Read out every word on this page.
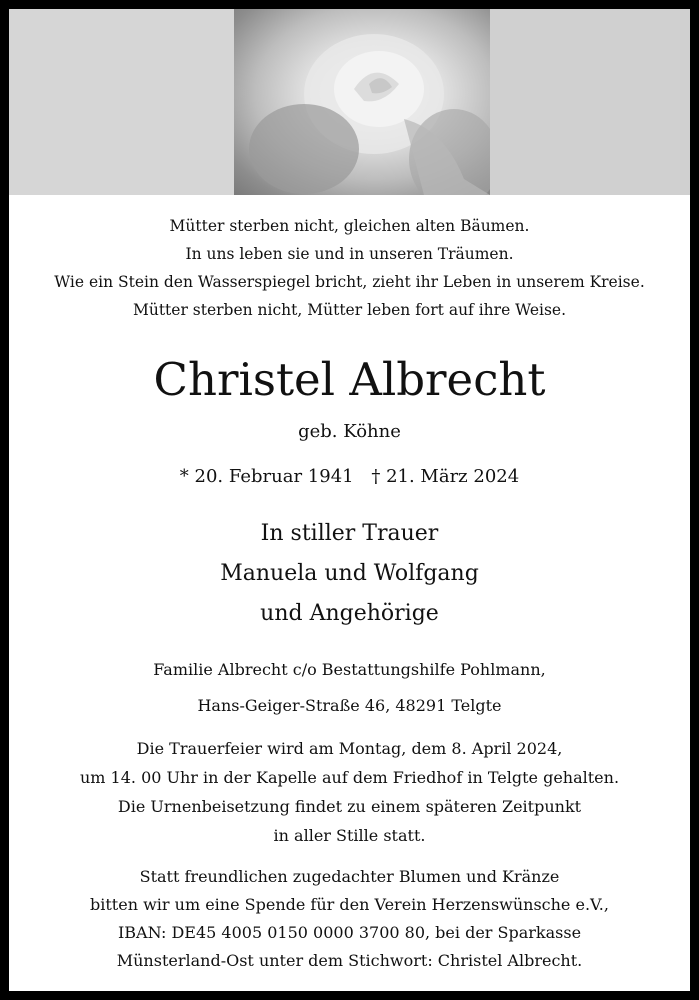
Mütter sterben nicht, gleichen alten Bäumen.
In uns leben sie und in unseren Träumen.
Wie ein Stein den Wasserspiegel bricht, zieht ihr Leben in unserem Kreise.
Mütter sterben nicht, Mütter leben fort auf ihre Weise.
Christel Albrecht
geb. Köhne
* 20. Februar 1941 † 21. März 2024
In stiller Trauer
Manuela und Wolfgang
und Angehörige
Familie Albrecht c/o Bestattungshilfe Pohlmann,
Hans-Geiger-Straße 46, 48291 Telgte
Die Trauerfeier wird am Montag, dem 8. April 2024,
um 14. 00 Uhr in der Kapelle auf dem Friedhof in Telgte gehalten.
Die Urnenbeisetzung findet zu einem späteren Zeitpunkt
in aller Stille statt.
Statt freundlichen zugedachter Blumen und Kränze
bitten wir um eine Spende für den Verein Herzenswünsche e.V.,
IBAN: DE45 4005 0150 0000 3700 80, bei der Sparkasse
Münsterland-Ost unter dem Stichwort: Christel Albrecht.
